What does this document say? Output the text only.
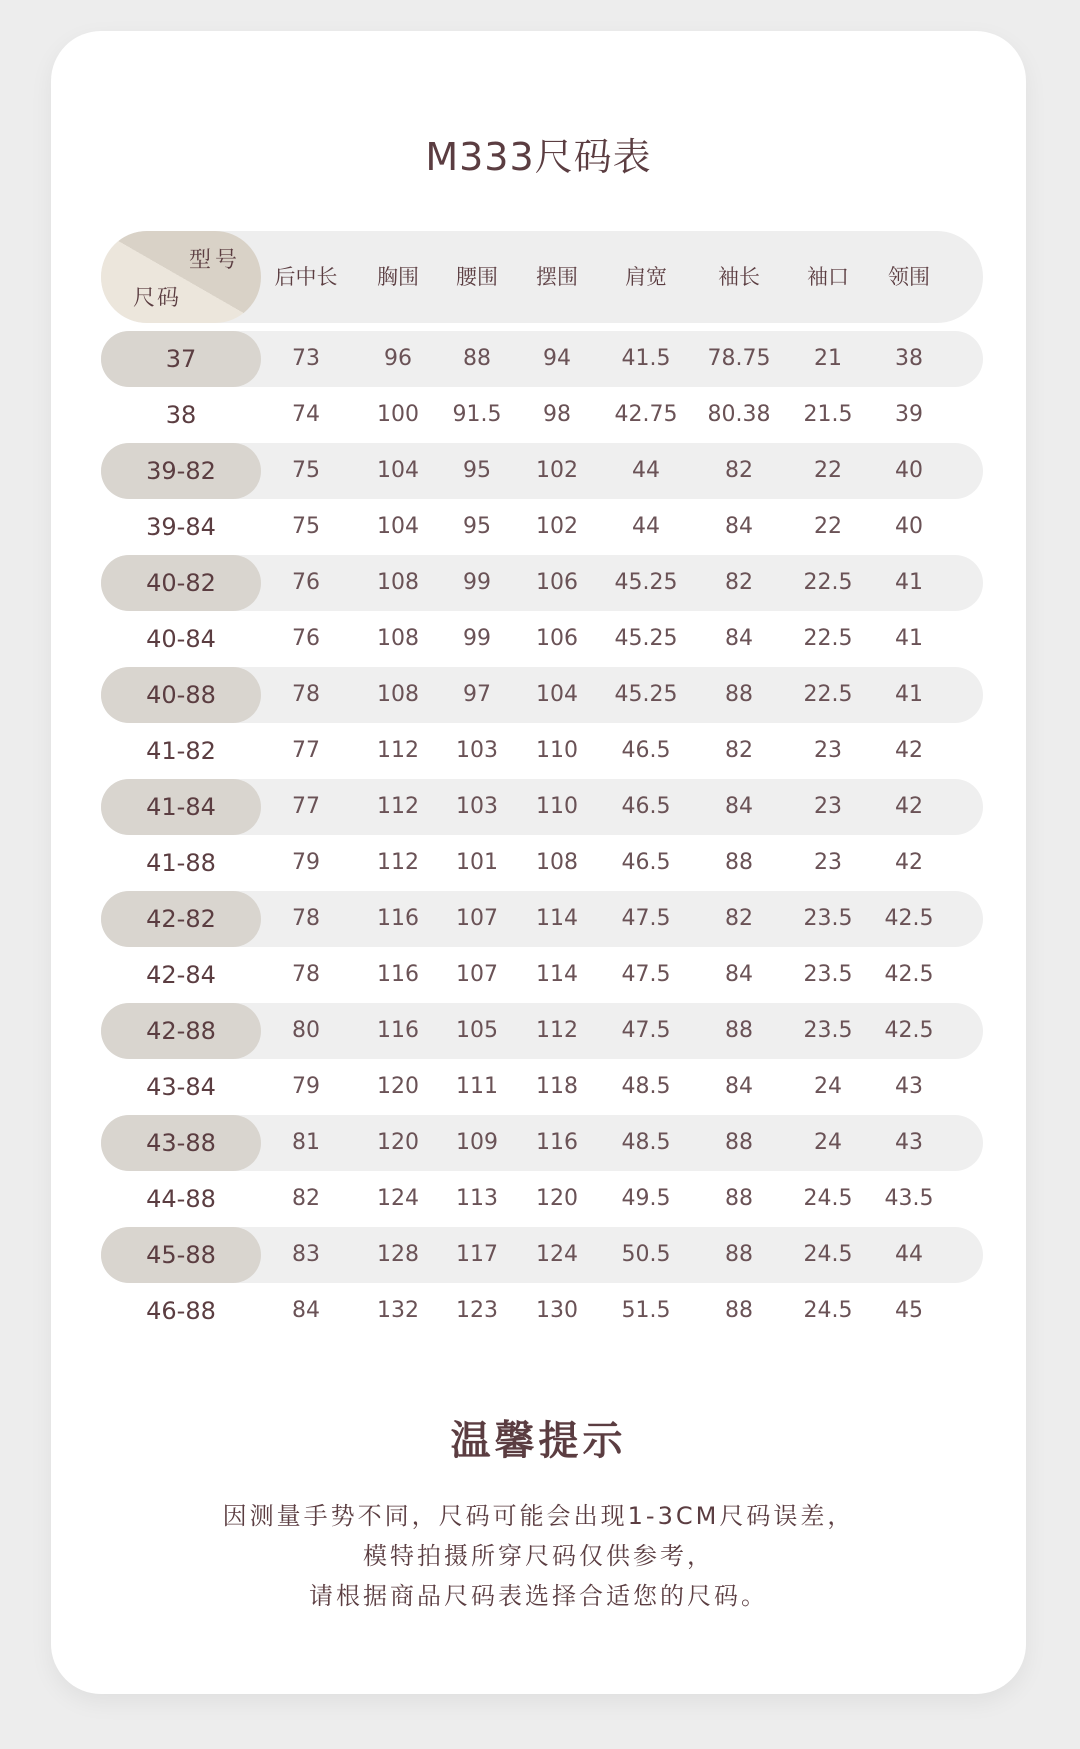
M333尺码表
型号
尺码
后中长	胸围	腰围	摆围	肩宽	袖长	袖口	领围
37	73	96	88	94	41.5	78.75	21	38
38	74	100	91.5	98	42.75	80.38	21.5	39
39-82	75	104	95	102	44	82	22	40
39-84	75	104	95	102	44	84	22	40
40-82	76	108	99	106	45.25	82	22.5	41
40-84	76	108	99	106	45.25	84	22.5	41
40-88	78	108	97	104	45.25	88	22.5	41
41-82	77	112	103	110	46.5	82	23	42
41-84	77	112	103	110	46.5	84	23	42
41-88	79	112	101	108	46.5	88	23	42
42-82	78	116	107	114	47.5	82	23.5	42.5
42-84	78	116	107	114	47.5	84	23.5	42.5
42-88	80	116	105	112	47.5	88	23.5	42.5
43-84	79	120	111	118	48.5	84	24	43
43-88	81	120	109	116	48.5	88	24	43
44-88	82	124	113	120	49.5	88	24.5	43.5
45-88	83	128	117	124	50.5	88	24.5	44
46-88	84	132	123	130	51.5	88	24.5	45
温馨提示
因测量手势不同，尺码可能会出现1-3CM尺码误差，
模特拍摄所穿尺码仅供参考，
请根据商品尺码表选择合适您的尺码。
